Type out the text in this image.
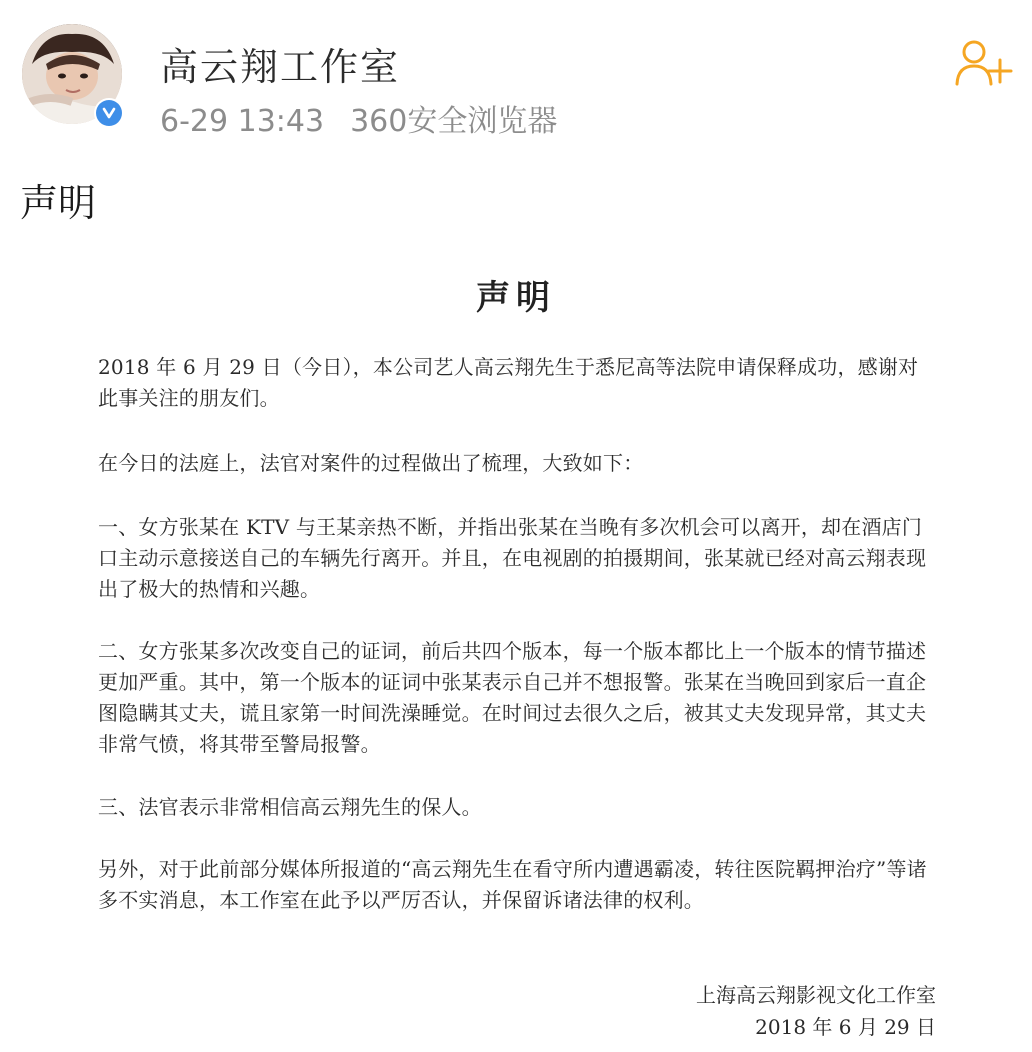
高云翔工作室
6-29 13:43 360安全浏览器
声明
声明
2018 年 6 月 29 日（今日），本公司艺人高云翔先生于悉尼高等法院申请保释成功，感谢对此事关注的朋友们。
在今日的法庭上，法官对案件的过程做出了梳理，大致如下：
一、女方张某在 KTV 与王某亲热不断，并指出张某在当晚有多次机会可以离开，却在酒店门口主动示意接送自己的车辆先行离开。并且，在电视剧的拍摄期间，张某就已经对高云翔表现出了极大的热情和兴趣。
二、女方张某多次改变自己的证词，前后共四个版本，每一个版本都比上一个版本的情节描述更加严重。其中，第一个版本的证词中张某表示自己并不想报警。张某在当晚回到家后一直企图隐瞒其丈夫，谎且家第一时间洗澡睡觉。在时间过去很久之后，被其丈夫发现异常，其丈夫非常气愤，将其带至警局报警。
三、法官表示非常相信高云翔先生的保人。
另外，对于此前部分媒体所报道的“高云翔先生在看守所内遭遇霸凌，转往医院羁押治疗”等诸多不实消息，本工作室在此予以严厉否认，并保留诉诸法律的权利。
上海高云翔影视文化工作室
2018 年 6 月 29 日
